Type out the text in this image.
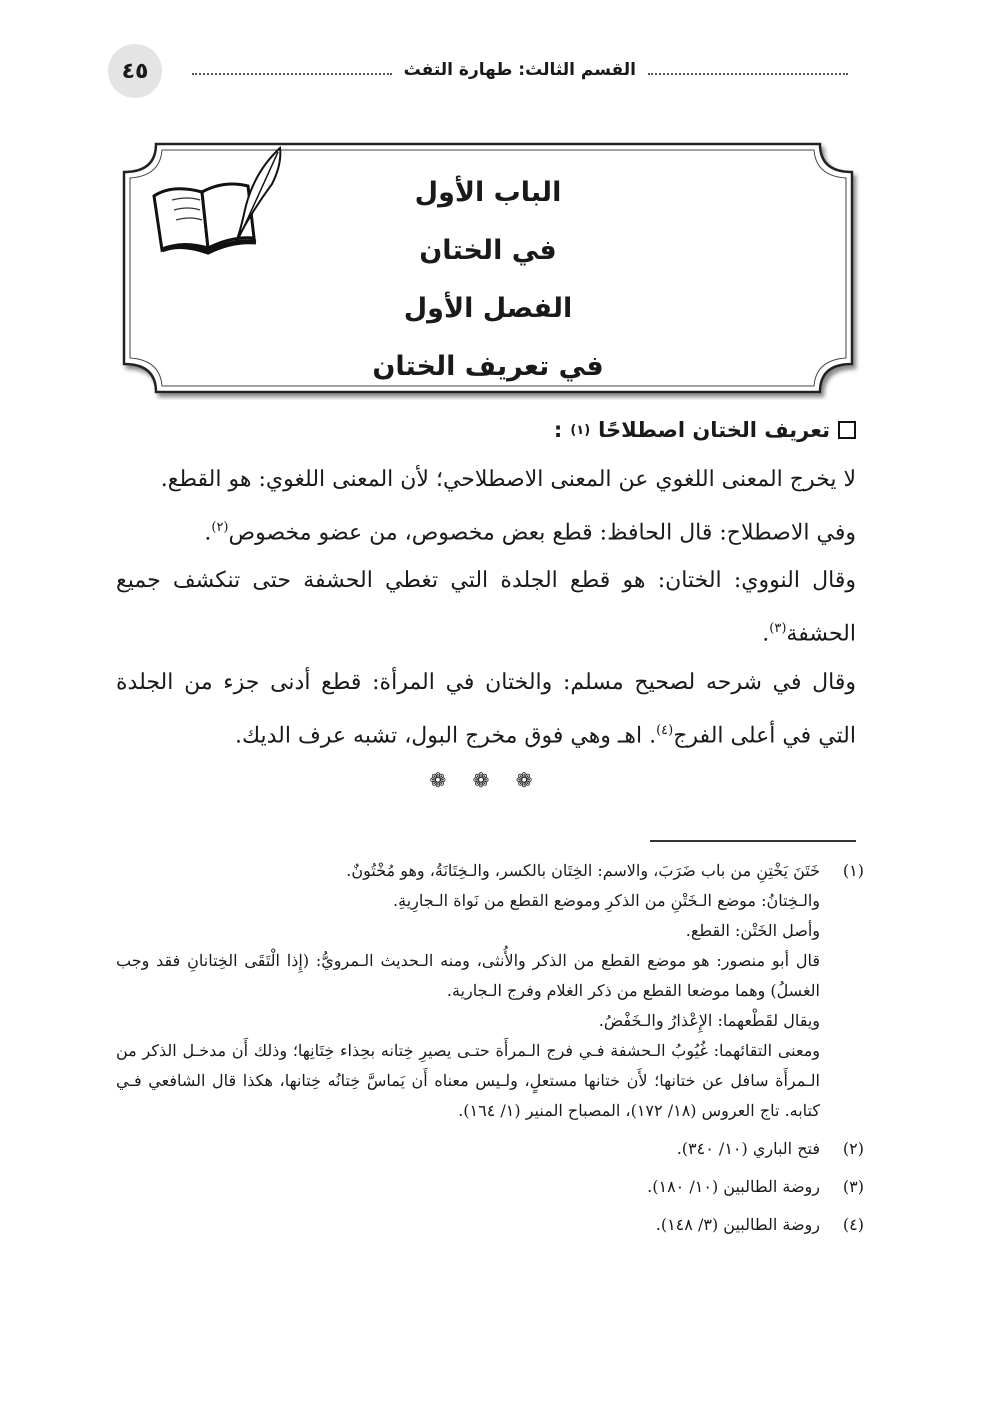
٤٥	القسم الثالث: طهارة التفث
الباب الأول
في الختان
الفصل الأول
في تعريف الختان
تعريف الختان اصطلاحًا
(١)
:

لا يخرج المعنى اللغوي عن المعنى الاصطلاحي؛ لأن المعنى اللغوي: هو القطع.

وفي الاصطلاح: قال الحافظ: قطع بعض مخصوص، من عضو مخصوص$^{(٢)}$.

وقال النووي: الختان: هو قطع الجلدة التي تغطي الحشفة حتى تنكشف جميع الحشفة$^{(٣)}$.

وقال في شرحه لصحيح مسلم: والختان في المرأة: قطع أدنى جزء من الجلدة التي في أعلى الفرج$^{(٤)}$. اهـ وهي فوق مخرج البول، تشبه عرف الديك.

❁ ❁ ❁
(١)

خَتَنَ يَخْتِنِ من باب ضَرَبَ، والاسم: الخِتَان بالكسر، والـخِتَانَةُ، وهو مُخْتُونٌ.

والـخِتانُ: موضع الـخَتْنِ من الذكرِ وموضع القطع من نَواة الـجارِيةِ.

وأصل الخَتْن: القطع.

قال أبو منصور: هو موضع القطع من الذكر والأُنثى، ومنه الـحديث الـمرويُّ: (إِذا الْتَقَى الخِتانانِ فقد وجب الغسلُ) وهما موضعا القطع من ذكر الغلام وفرج الـجارية.

ويقال لقَطْعهما: الإِعْذارُ والـخَفْضُ.

ومعنى التقائهما: غُيُوبُ الـحشفة فـي فرج الـمرأَة حتـى يصيرِ خِتانه بحِذاء خِتَانِها؛ وذلك أَن مدخـل الذكر من الـمرأَة سافل عن ختانها؛ لأَن ختانها مستعلٍ، ولـيس معناه أَن يَماسَّ خِتانُه خِتانها، هكذا قال الشافعي فـي كتابه. تاج العروس (١٨/ ١٧٢)، المصباح المنير (١/ ١٦٤).

(٢)

فتح الباري (١٠/ ٣٤٠).

(٣)

روضة الطالبين (١٠/ ١٨٠).

(٤)

روضة الطالبين (٣/ ١٤٨).
